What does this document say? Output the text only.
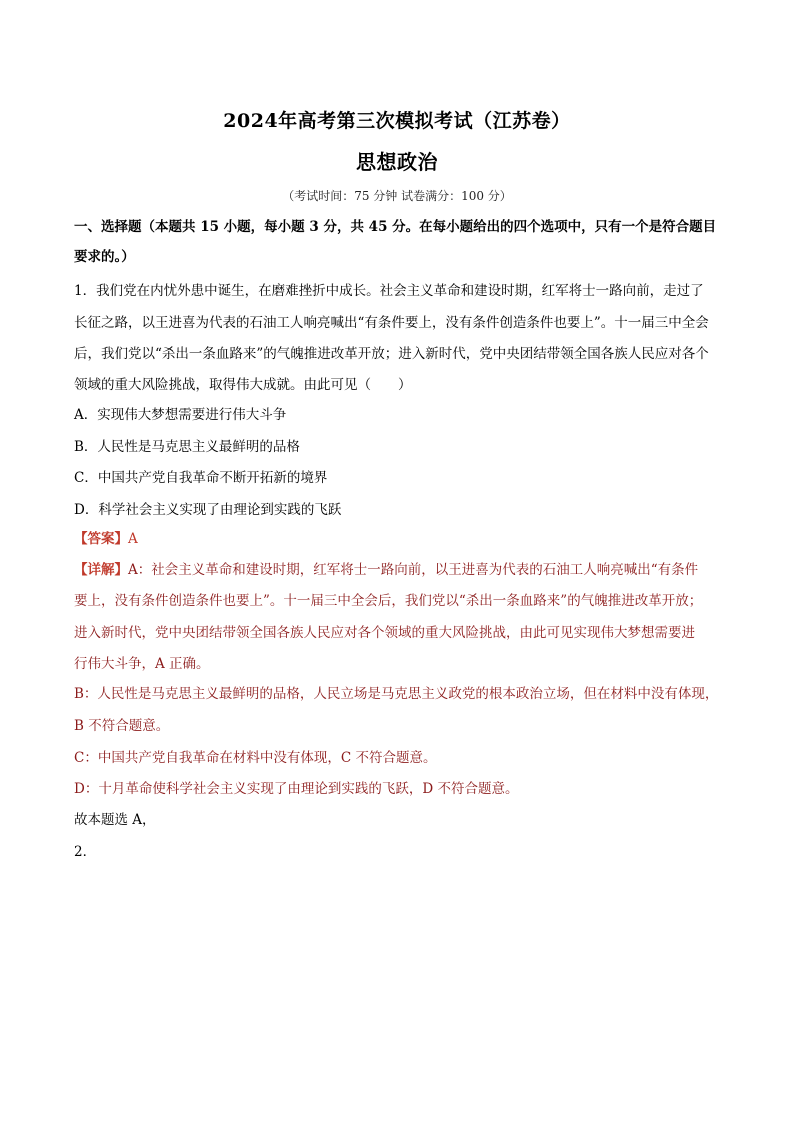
2024年高考第三次模拟考试（江苏卷）
思想政治
（考试时间：75 分钟 试卷满分：100 分）
一、选择题（本题共 15 小题，每小题 3 分，共 45 分。在每小题给出的四个选项中，只有一个是符合题目
要求的。）
1．我们党在内忧外患中诞生，在磨难挫折中成长。社会主义革命和建设时期，红军将士一路向前，走过了
长征之路，以王进喜为代表的石油工人响亮喊出“有条件要上，没有条件创造条件也要上”。十一届三中全会
后，我们党以“杀出一条血路来”的气魄推进改革开放；进入新时代，党中央团结带领全国各族人民应对各个
领域的重大风险挑战，取得伟大成就。由此可见（　　）
A．实现伟大梦想需要进行伟大斗争
B．人民性是马克思主义最鲜明的品格
C．中国共产党自我革命不断开拓新的境界
D．科学社会主义实现了由理论到实践的飞跃
【答案】A
【详解】A：社会主义革命和建设时期，红军将士一路向前，以王进喜为代表的石油工人响亮喊出“有条件
要上，没有条件创造条件也要上”。十一届三中全会后，我们党以“杀出一条血路来”的气魄推进改革开放；
进入新时代，党中央团结带领全国各族人民应对各个领域的重大风险挑战，由此可见实现伟大梦想需要进
行伟大斗争，A 正确。
B：人民性是马克思主义最鲜明的品格，人民立场是马克思主义政党的根本政治立场，但在材料中没有体现，
B 不符合题意。
C：中国共产党自我革命在材料中没有体现，C 不符合题意。
D：十月革命使科学社会主义实现了由理论到实践的飞跃，D 不符合题意。
故本题选 A，
2．
